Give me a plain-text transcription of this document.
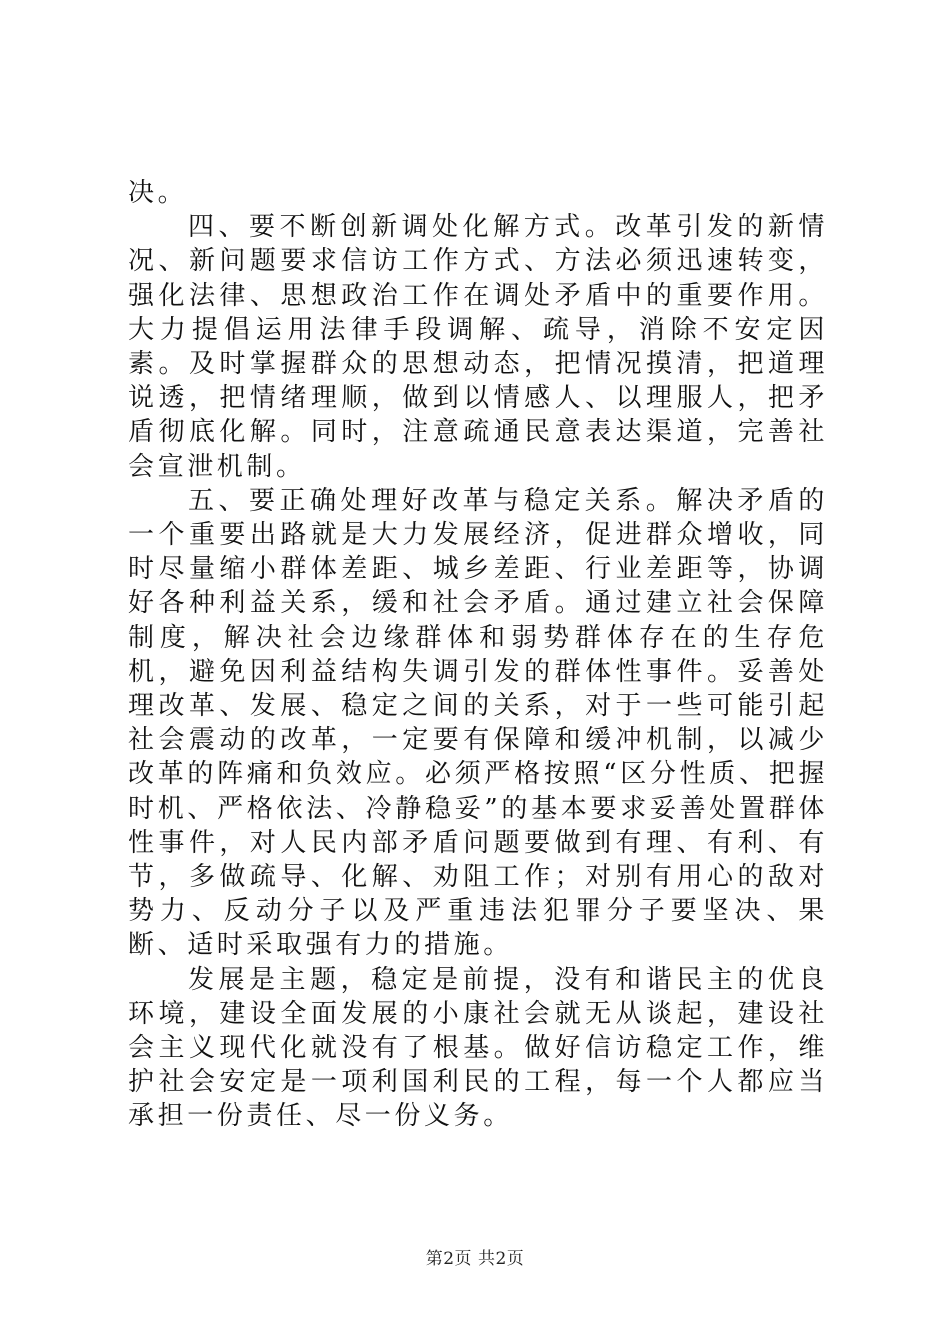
决。

四、要不断创新调处化解方式。改革引发的新情况、新问题要求信访工作方式、方法必须迅速转变，强化法律、思想政治工作在调处矛盾中的重要作用。大力提倡运用法律手段调解、疏导，消除不安定因素。及时掌握群众的思想动态，把情况摸清，把道理说透，把情绪理顺，做到以情感人、以理服人，把矛盾彻底化解。同时，注意疏通民意表达渠道，完善社会宣泄机制。

五、要正确处理好改革与稳定关系。解决矛盾的一个重要出路就是大力发展经济，促进群众增收，同时尽量缩小群体差距、城乡差距、行业差距等，协调好各种利益关系，缓和社会矛盾。通过建立社会保障制度，解决社会边缘群体和弱势群体存在的生存危机，避免因利益结构失调引发的群体性事件。妥善处理改革、发展、稳定之间的关系，对于一些可能引起社会震动的改革，一定要有保障和缓冲机制，以减少改革的阵痛和负效应。必须严格按照“区分性质、把握时机、严格依法、冷静稳妥”的基本要求妥善处置群体性事件，对人民内部矛盾问题要做到有理、有利、有节，多做疏导、化解、劝阻工作；对别有用心的敌对势力、反动分子以及严重违法犯罪分子要坚决、果断、适时采取强有力的措施。

发展是主题，稳定是前提，没有和谐民主的优良环境，建设全面发展的小康社会就无从谈起，建设社会主义现代化就没有了根基。做好信访稳定工作，维护社会安定是一项利国利民的工程，每一个人都应当承担一份责任、尽一份义务。

第2页 共2页
